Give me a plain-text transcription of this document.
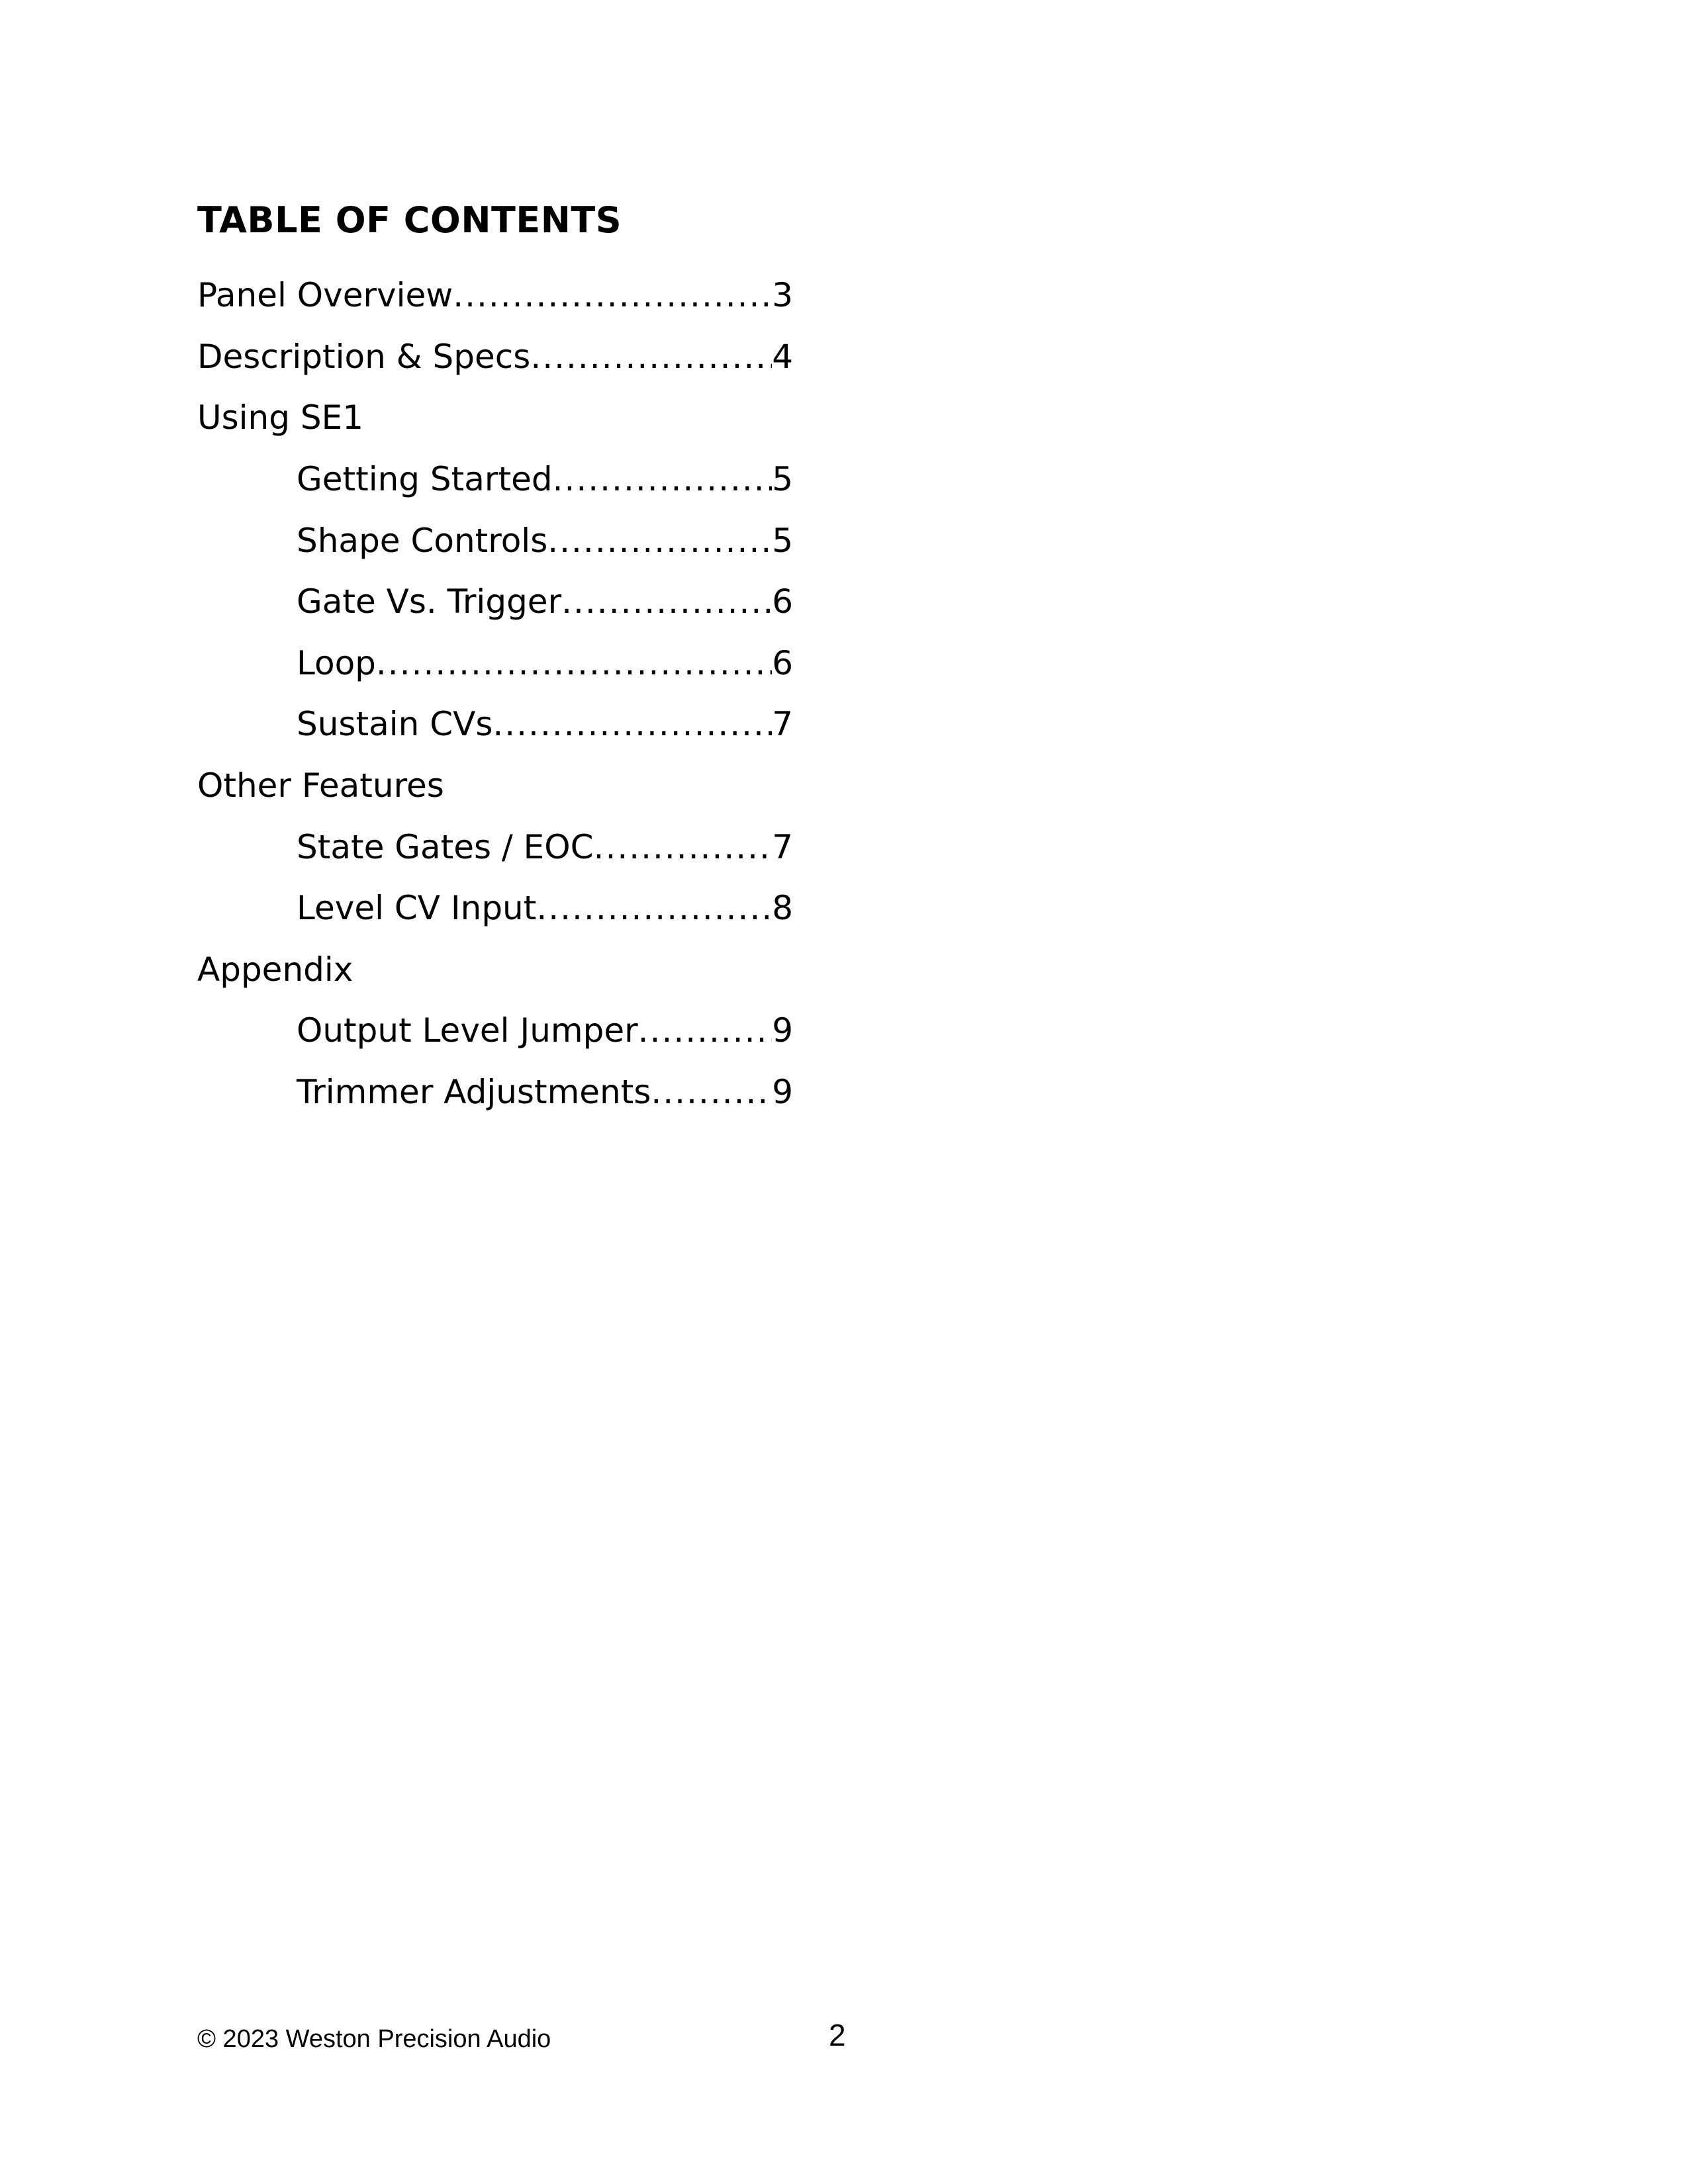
TABLE OF CONTENTS
Panel Overview .....	3
Description & Specs .....	4
Using SE1
Getting Started .....	5
Shape Controls .....	5
Gate Vs. Trigger .....	6
Loop .....	6
Sustain CVs .....	7
Other Features
State Gates / EOC .....	7
Level CV Input .....	8
Appendix
Output Level Jumper .....	9
Trimmer Adjustments .....	9
© 2023 Weston Precision Audio	2
